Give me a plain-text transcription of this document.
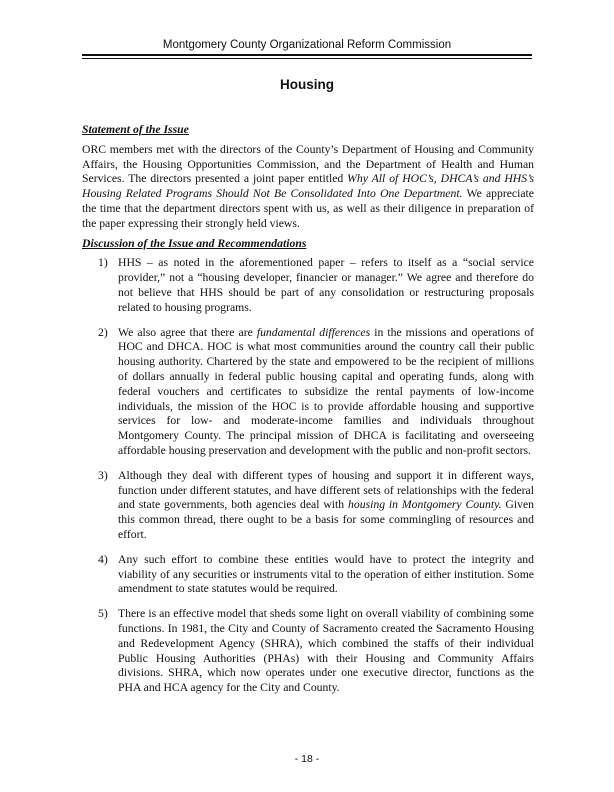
Montgomery County Organizational Reform Commission
Housing

Statement of the Issue

ORC members met with the directors of the County’s Department of Housing and Community Affairs, the Housing Opportunities Commission, and the Department of Health and Human Services. The directors presented a joint paper entitled Why All of HOC’s, DHCA’s and HHS’s Housing Related Programs Should Not Be Consolidated Into One Department. We appreciate the time that the department directors spent with us, as well as their diligence in preparation of the paper expressing their strongly held views.

Discussion of the Issue and Recommendations

1) HHS – as noted in the aforementioned paper – refers to itself as a “social service provider,” not a “housing developer, financier or manager.” We agree and therefore do not believe that HHS should be part of any consolidation or restructuring proposals related to housing programs.
2) We also agree that there are fundamental differences in the missions and operations of HOC and DHCA. HOC is what most communities around the country call their public housing authority. Chartered by the state and empowered to be the recipient of millions of dollars annually in federal public housing capital and operating funds, along with federal vouchers and certificates to subsidize the rental payments of low-income individuals, the mission of the HOC is to provide affordable housing and supportive services for low- and moderate-income families and individuals throughout Montgomery County. The principal mission of DHCA is facilitating and overseeing affordable housing preservation and development with the public and non-profit sectors.
3) Although they deal with different types of housing and support it in different ways, function under different statutes, and have different sets of relationships with the federal and state governments, both agencies deal with housing in Montgomery County. Given this common thread, there ought to be a basis for some commingling of resources and effort.
4) Any such effort to combine these entities would have to protect the integrity and viability of any securities or instruments vital to the operation of either institution. Some amendment to state statutes would be required.
5) There is an effective model that sheds some light on overall viability of combining some functions. In 1981, the City and County of Sacramento created the Sacramento Housing and Redevelopment Agency (SHRA), which combined the staffs of their individual Public Housing Authorities (PHAs) with their Housing and Community Affairs divisions. SHRA, which now operates under one executive director, functions as the PHA and HCA agency for the City and County.
- 18 -
